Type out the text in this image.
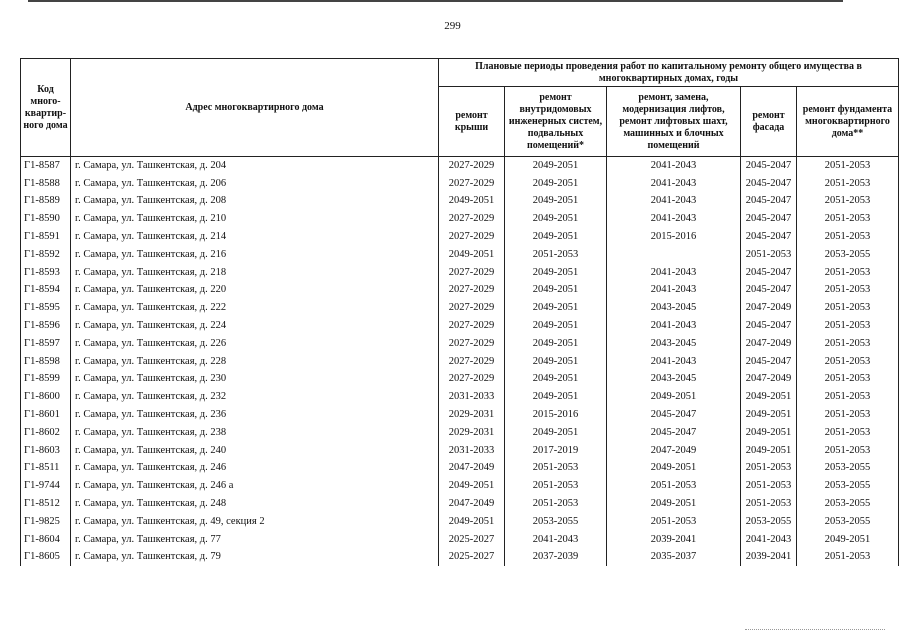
299
Код много-квартир-ного дома	Адрес многоквартирного дома	Плановые периоды проведения работ по капитальному ремонту общего имущества в многоквартирных домах, годы				
		ремонт крыши	ремонт внутридомовых инженерных систем, подвальных помещений*	ремонт, замена, модернизация лифтов, ремонт лифтовых шахт, машинных и блочных помещений	ремонт фасада	ремонт фундамента многоквартирного дома**
Г1-8587	г. Самара, ул. Ташкентская, д. 204	2027-2029	2049-2051	2041-2043	2045-2047	2051-2053
Г1-8588	г. Самара, ул. Ташкентская, д. 206	2027-2029	2049-2051	2041-2043	2045-2047	2051-2053
Г1-8589	г. Самара, ул. Ташкентская, д. 208	2049-2051	2049-2051	2041-2043	2045-2047	2051-2053
Г1-8590	г. Самара, ул. Ташкентская, д. 210	2027-2029	2049-2051	2041-2043	2045-2047	2051-2053
Г1-8591	г. Самара, ул. Ташкентская, д. 214	2027-2029	2049-2051	2015-2016	2045-2047	2051-2053
Г1-8592	г. Самара, ул. Ташкентская, д. 216	2049-2051	2051-2053		2051-2053	2053-2055
Г1-8593	г. Самара, ул. Ташкентская, д. 218	2027-2029	2049-2051	2041-2043	2045-2047	2051-2053
Г1-8594	г. Самара, ул. Ташкентская, д. 220	2027-2029	2049-2051	2041-2043	2045-2047	2051-2053
Г1-8595	г. Самара, ул. Ташкентская, д. 222	2027-2029	2049-2051	2043-2045	2047-2049	2051-2053
Г1-8596	г. Самара, ул. Ташкентская, д. 224	2027-2029	2049-2051	2041-2043	2045-2047	2051-2053
Г1-8597	г. Самара, ул. Ташкентская, д. 226	2027-2029	2049-2051	2043-2045	2047-2049	2051-2053
Г1-8598	г. Самара, ул. Ташкентская, д. 228	2027-2029	2049-2051	2041-2043	2045-2047	2051-2053
Г1-8599	г. Самара, ул. Ташкентская, д. 230	2027-2029	2049-2051	2043-2045	2047-2049	2051-2053
Г1-8600	г. Самара, ул. Ташкентская, д. 232	2031-2033	2049-2051	2049-2051	2049-2051	2051-2053
Г1-8601	г. Самара, ул. Ташкентская, д. 236	2029-2031	2015-2016	2045-2047	2049-2051	2051-2053
Г1-8602	г. Самара, ул. Ташкентская, д. 238	2029-2031	2049-2051	2045-2047	2049-2051	2051-2053
Г1-8603	г. Самара, ул. Ташкентская, д. 240	2031-2033	2017-2019	2047-2049	2049-2051	2051-2053
Г1-8511	г. Самара, ул. Ташкентская, д. 246	2047-2049	2051-2053	2049-2051	2051-2053	2053-2055
Г1-9744	г. Самара, ул. Ташкентская, д. 246 а	2049-2051	2051-2053	2051-2053	2051-2053	2053-2055
Г1-8512	г. Самара, ул. Ташкентская, д. 248	2047-2049	2051-2053	2049-2051	2051-2053	2053-2055
Г1-9825	г. Самара, ул. Ташкентская, д. 49, секция 2	2049-2051	2053-2055	2051-2053	2053-2055	2053-2055
Г1-8604	г. Самара, ул. Ташкентская, д. 77	2025-2027	2041-2043	2039-2041	2041-2043	2049-2051
Г1-8605	г. Самара, ул. Ташкентская, д. 79	2025-2027	2037-2039	2035-2037	2039-2041	2051-2053
